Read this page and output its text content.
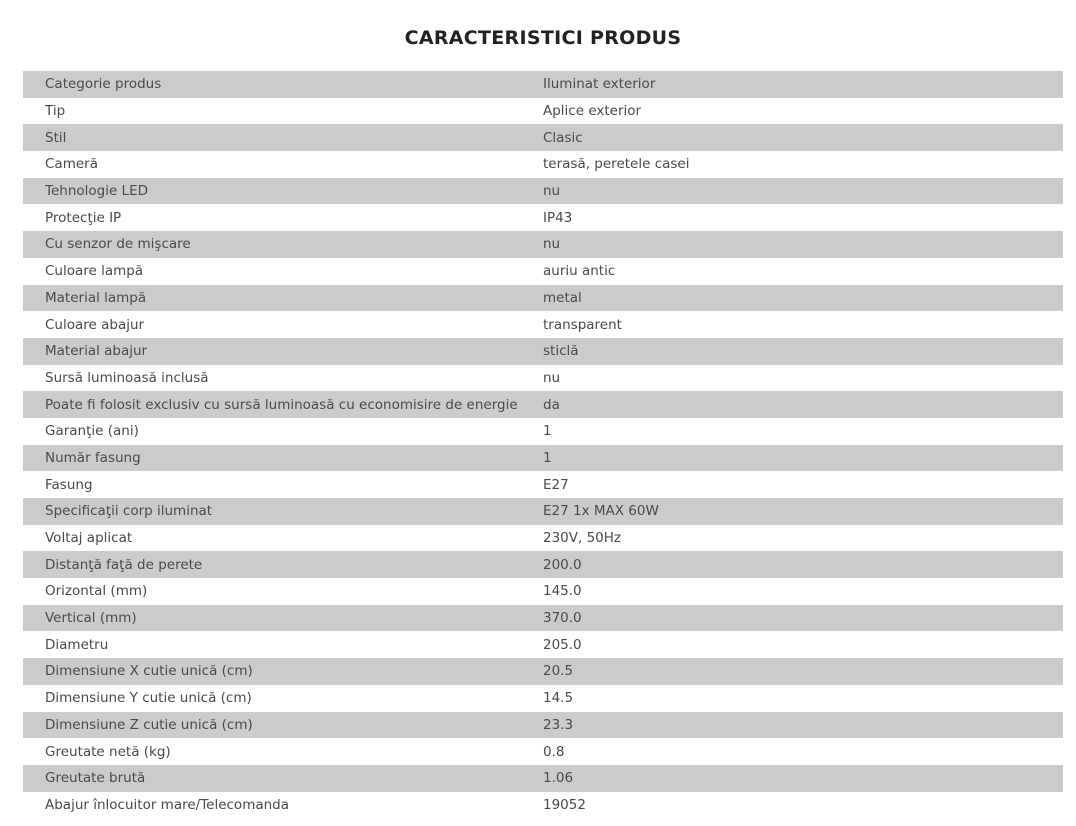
CARACTERISTICI PRODUS
Categorie produs	Iluminat exterior
Tip	Aplice exterior
Stil	Clasic
Cameră	terasă, peretele casei
Tehnologie LED	nu
Protecţie IP	IP43
Cu senzor de mişcare	nu
Culoare lampă	auriu antic
Material lampă	metal
Culoare abajur	transparent
Material abajur	sticlă
Sursă luminoasă inclusă	nu
Poate fi folosit exclusiv cu sursă luminoasă cu economisire de energie	da
Garanţie (ani)	1
Număr fasung	1
Fasung	E27
Specificaţii corp iluminat	E27 1x MAX 60W
Voltaj aplicat	230V, 50Hz
Distanţă faţă de perete	200.0
Orizontal (mm)	145.0
Vertical (mm)	370.0
Diametru	205.0
Dimensiune X cutie unică (cm)	20.5
Dimensiune Y cutie unică (cm)	14.5
Dimensiune Z cutie unică (cm)	23.3
Greutate netă (kg)	0.8
Greutate brută	1.06
Abajur înlocuitor mare/Telecomanda	19052
